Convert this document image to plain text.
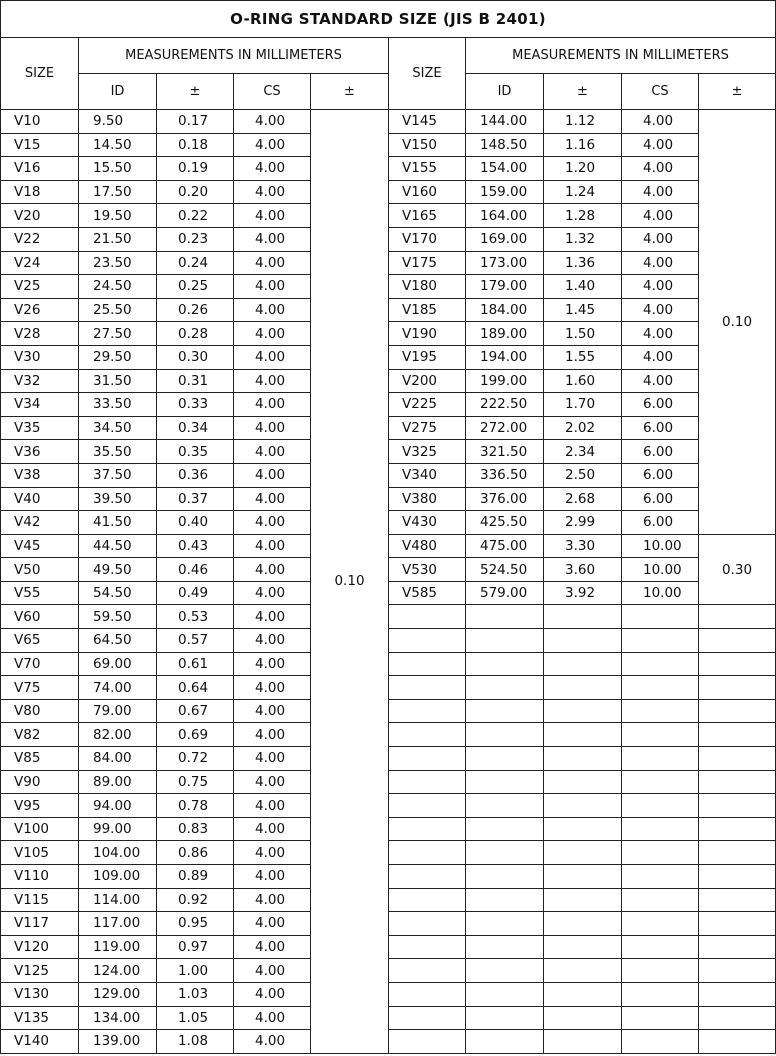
O-RING STANDARD SIZE (JIS B 2401)									
SIZE	MEASUREMENTS IN MILLIMETERS				SIZE	MEASUREMENTS IN MILLIMETERS			
	ID	±	CS	±		ID	±	CS	±
V10	9.50	0.17	4.00	0.10	V145	144.00	1.12	4.00	0.10
V15	14.50	0.18	4.00		V150	148.50	1.16	4.00	
V16	15.50	0.19	4.00		V155	154.00	1.20	4.00	
V18	17.50	0.20	4.00		V160	159.00	1.24	4.00	
V20	19.50	0.22	4.00		V165	164.00	1.28	4.00	
V22	21.50	0.23	4.00		V170	169.00	1.32	4.00	
V24	23.50	0.24	4.00		V175	173.00	1.36	4.00	
V25	24.50	0.25	4.00		V180	179.00	1.40	4.00	
V26	25.50	0.26	4.00		V185	184.00	1.45	4.00	
V28	27.50	0.28	4.00		V190	189.00	1.50	4.00	
V30	29.50	0.30	4.00		V195	194.00	1.55	4.00	
V32	31.50	0.31	4.00		V200	199.00	1.60	4.00	
V34	33.50	0.33	4.00		V225	222.50	1.70	6.00	
V35	34.50	0.34	4.00		V275	272.00	2.02	6.00	
V36	35.50	0.35	4.00		V325	321.50	2.34	6.00	
V38	37.50	0.36	4.00		V340	336.50	2.50	6.00	
V40	39.50	0.37	4.00		V380	376.00	2.68	6.00	
V42	41.50	0.40	4.00		V430	425.50	2.99	6.00	
V45	44.50	0.43	4.00		V480	475.00	3.30	10.00	0.30
V50	49.50	0.46	4.00		V530	524.50	3.60	10.00	
V55	54.50	0.49	4.00		V585	579.00	3.92	10.00	
V60	59.50	0.53	4.00						
V65	64.50	0.57	4.00						
V70	69.00	0.61	4.00						
V75	74.00	0.64	4.00						
V80	79.00	0.67	4.00						
V82	82.00	0.69	4.00						
V85	84.00	0.72	4.00						
V90	89.00	0.75	4.00						
V95	94.00	0.78	4.00						
V100	99.00	0.83	4.00						
V105	104.00	0.86	4.00						
V110	109.00	0.89	4.00						
V115	114.00	0.92	4.00						
V117	117.00	0.95	4.00						
V120	119.00	0.97	4.00						
V125	124.00	1.00	4.00						
V130	129.00	1.03	4.00						
V135	134.00	1.05	4.00						
V140	139.00	1.08	4.00						
